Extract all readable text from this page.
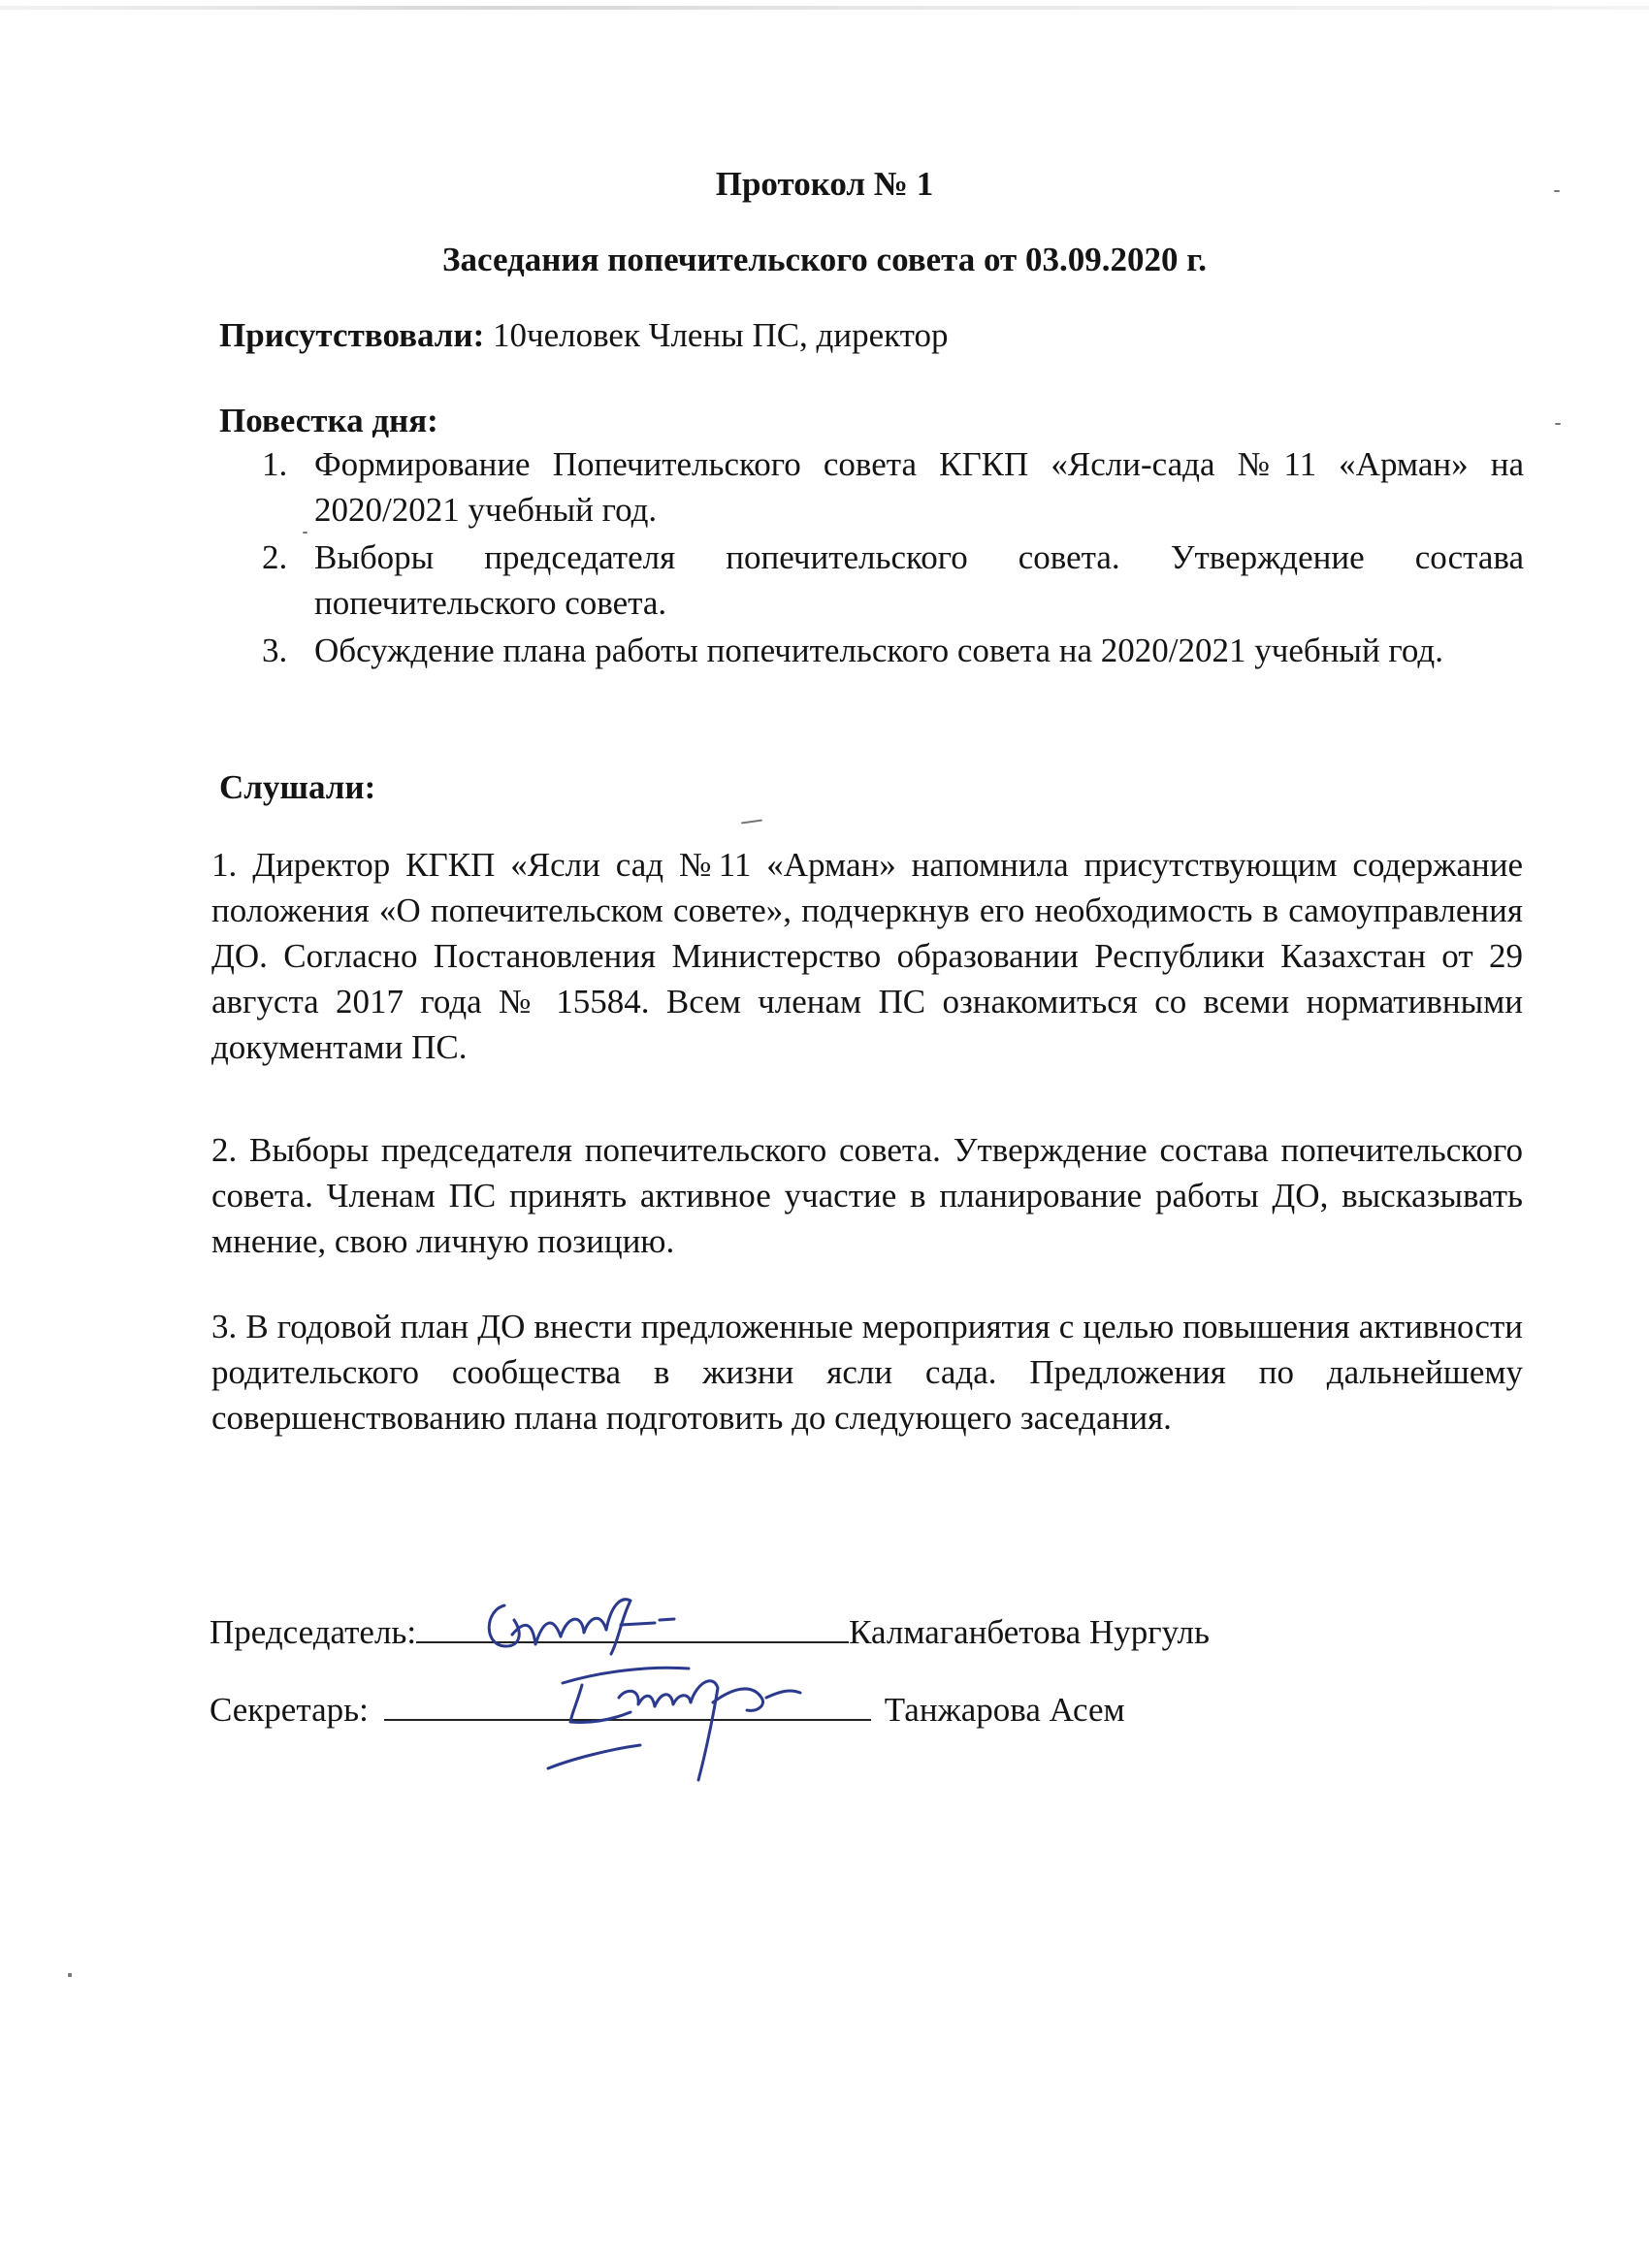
Протокол № 1
Заседания попечительского совета от 03.09.2020 г.
Присутствовали: 10человек Члены ПС, директор
Повестка дня:
1. Формирование Попечительского совета КГКП «Ясли-сада №11 «Арман» на 2020/2021 учебный год.
2. Выборы председателя попечительского совета. Утверждение состава попечительского совета.
3. Обсуждение плана работы попечительского совета на 2020/2021 учебный год.
Слушали:

1. Директор КГКП «Ясли сад №11 «Арман» напомнила присутствующим содержание положения «О попечительском совете», подчеркнув его необходимость в самоуправления ДО. Согласно Постановления Министерство образовании Республики Казахстан от 29 августа 2017 года № 15584. Всем членам ПС ознакомиться со всеми нормативными документами ПС.

2. Выборы председателя попечительского совета. Утверждение состава попечительского совета. Членам ПС принять активное участие в планирование работы ДО, высказывать мнение, свою личную позицию.

3. В годовой план ДО внести предложенные мероприятия с целью повышения активности родительского сообщества в жизни ясли сада. Предложения по дальнейшему совершенствованию плана подготовить до следующего заседания.

Председатель:	Калмаганбетова Нургуль
Секретарь:	Танжарова Асем
